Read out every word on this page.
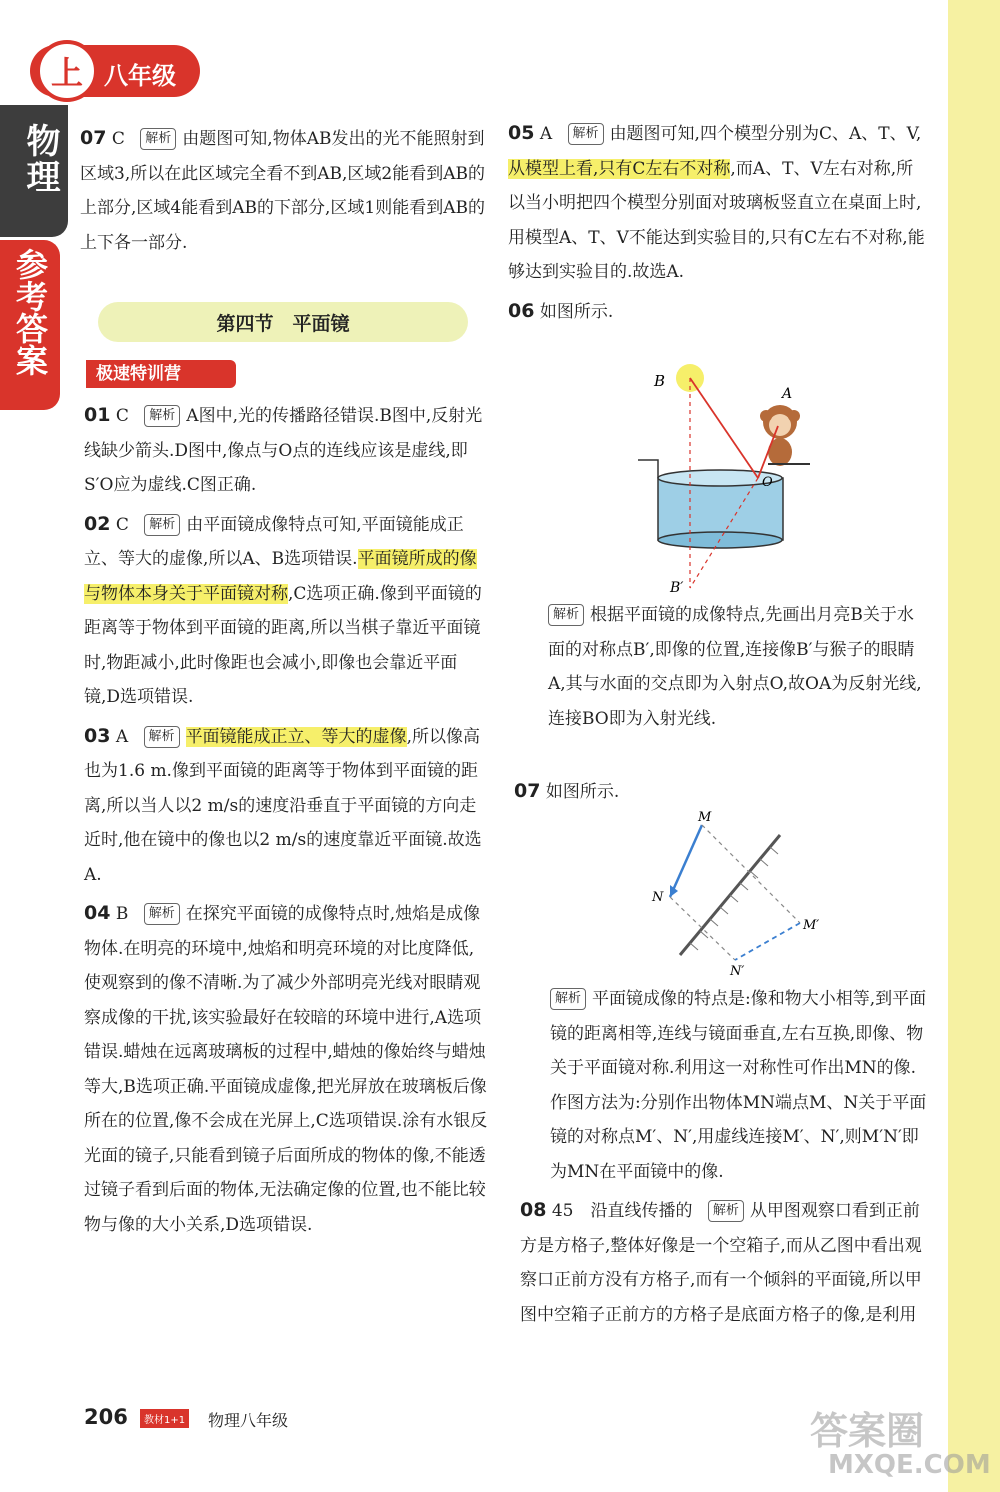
上 八年级
物理
参考答案

07 C 解析 由题图可知,物体AB发出的光不能照射到区域3,所以在此区域完全看不到AB,区域2能看到AB的上部分,区域4能看到AB的下部分,区域1则能看到AB的上下各一部分.

第四节　平面镜
极速特训营

01 C 解析 A图中,光的传播路径错误.B图中,反射光线缺少箭头.D图中,像点与O点的连线应该是虚线,即S′O应为虚线.C图正确.

02 C 解析 由平面镜成像特点可知,平面镜能成正立、等大的虚像,所以A、B选项错误.平面镜所成的像与物体本身关于平面镜对称,C选项正确.像到平面镜的距离等于物体到平面镜的距离,所以当棋子靠近平面镜时,物距减小,此时像距也会减小,即像也会靠近平面镜,D选项错误.

03 A 解析 平面镜能成正立、等大的虚像,所以像高也为1.6 m.像到平面镜的距离等于物体到平面镜的距离,所以当人以2 m/s的速度沿垂直于平面镜的方向走近时,他在镜中的像也以2 m/s的速度靠近平面镜.故选A.

04 B 解析 在探究平面镜的成像特点时,烛焰是成像物体.在明亮的环境中,烛焰和明亮环境的对比度降低,使观察到的像不清晰.为了减少外部明亮光线对眼睛观察成像的干扰,该实验最好在较暗的环境中进行,A选项错误.蜡烛在远离玻璃板的过程中,蜡烛的像始终与蜡烛等大,B选项正确.平面镜成虚像,把光屏放在玻璃板后像所在的位置,像不会成在光屏上,C选项错误.涂有水银反光面的镜子,只能看到镜子后面所成的物体的像,不能透过镜子看到后面的物体,无法确定像的位置,也不能比较物与像的大小关系,D选项错误.

05 A 解析 由题图可知,四个模型分别为C、A、T、V,从模型上看,只有C左右不对称,而A、T、V左右对称,所以当小明把四个模型分别面对玻璃板竖直立在桌面上时,用模型A、T、V不能达到实验目的,只有C左右不对称,能够达到实验目的.故选A.

06 如图所示.

B
A
O
B′

解析 根据平面镜的成像特点,先画出月亮B关于水面的对称点B′,即像的位置,连接像B′与猴子的眼睛A,其与水面的交点即为入射点O,故OA为反射光线,连接BO即为入射光线.

07 如图所示.

M
N
M′
N′

解析 平面镜成像的特点是:像和物大小相等,到平面镜的距离相等,连线与镜面垂直,左右互换,即像、物关于平面镜对称.利用这一对称性可作出MN的像.作图方法为:分别作出物体MN端点M、N关于平面镜的对称点M′、N′,用虚线连接M′、N′,则M′N′即为MN在平面镜中的像.

08 45　沿直线传播的 解析 从甲图观察口看到正前方是方格子,整体好像是一个空箱子,而从乙图中看出观察口正前方没有方格子,而有一个倾斜的平面镜,所以甲图中空箱子正前方的方格子是底面方格子的像,是利用

206	教材1+1 物理八年级	答案圈
MXQE.COM
